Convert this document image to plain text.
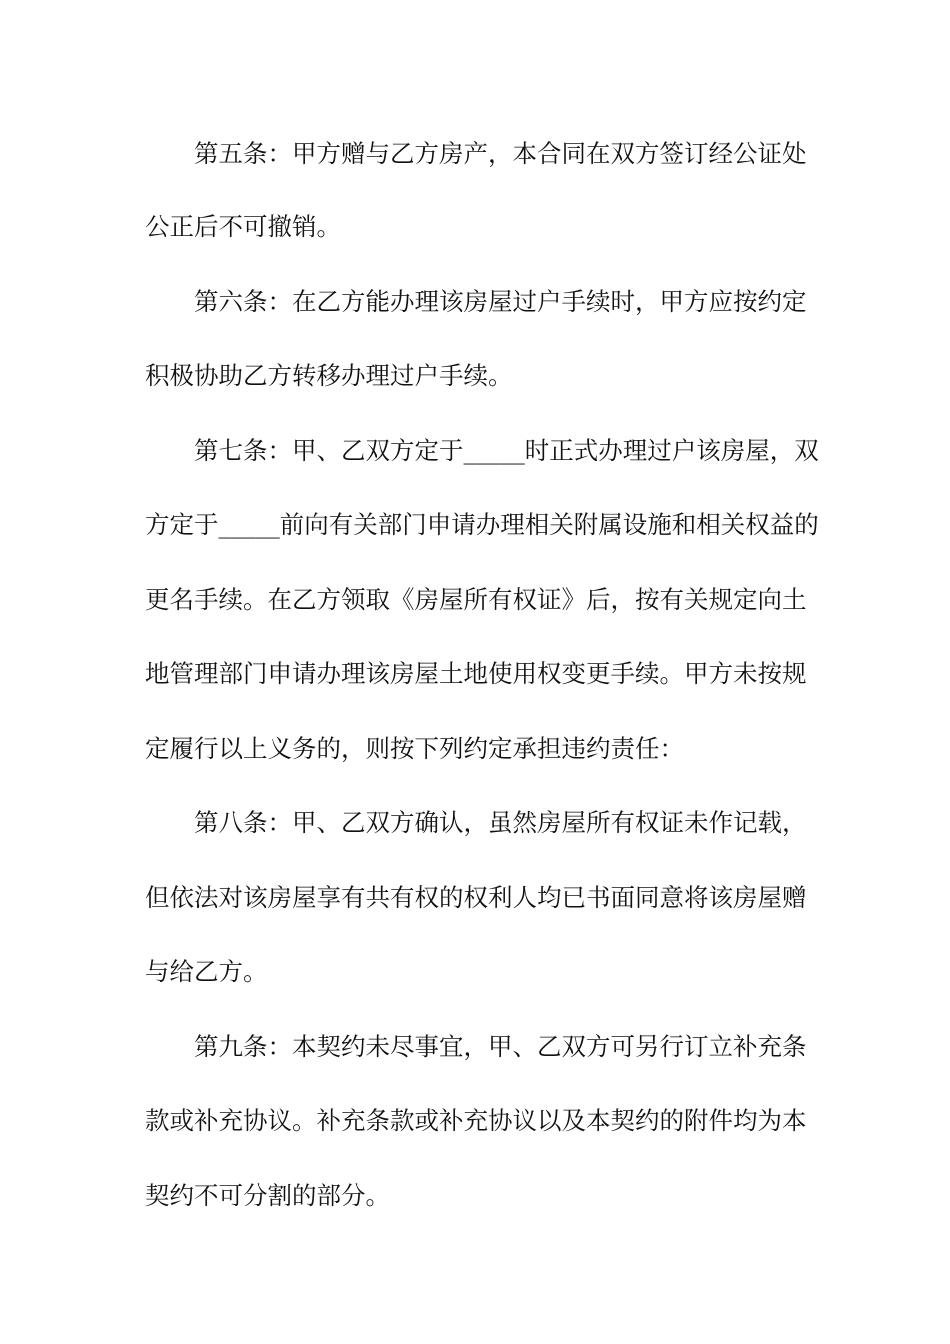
第五条：甲方赠与乙方房产，本合同在双方签订经公证处
公正后不可撤销。
第六条：在乙方能办理该房屋过户手续时，甲方应按约定
积极协助乙方转移办理过户手续。
第七条：甲、乙双方定于_____时正式办理过户该房屋，双
方定于_____前向有关部门申请办理相关附属设施和相关权益的
更名手续。在乙方领取《房屋所有权证》后，按有关规定向土
地管理部门申请办理该房屋土地使用权变更手续。甲方未按规
定履行以上义务的，则按下列约定承担违约责任：
第八条：甲、乙双方确认，虽然房屋所有权证未作记载，
但依法对该房屋享有共有权的权利人均已书面同意将该房屋赠
与给乙方。
第九条：本契约未尽事宜，甲、乙双方可另行订立补充条
款或补充协议。补充条款或补充协议以及本契约的附件均为本
契约不可分割的部分。
